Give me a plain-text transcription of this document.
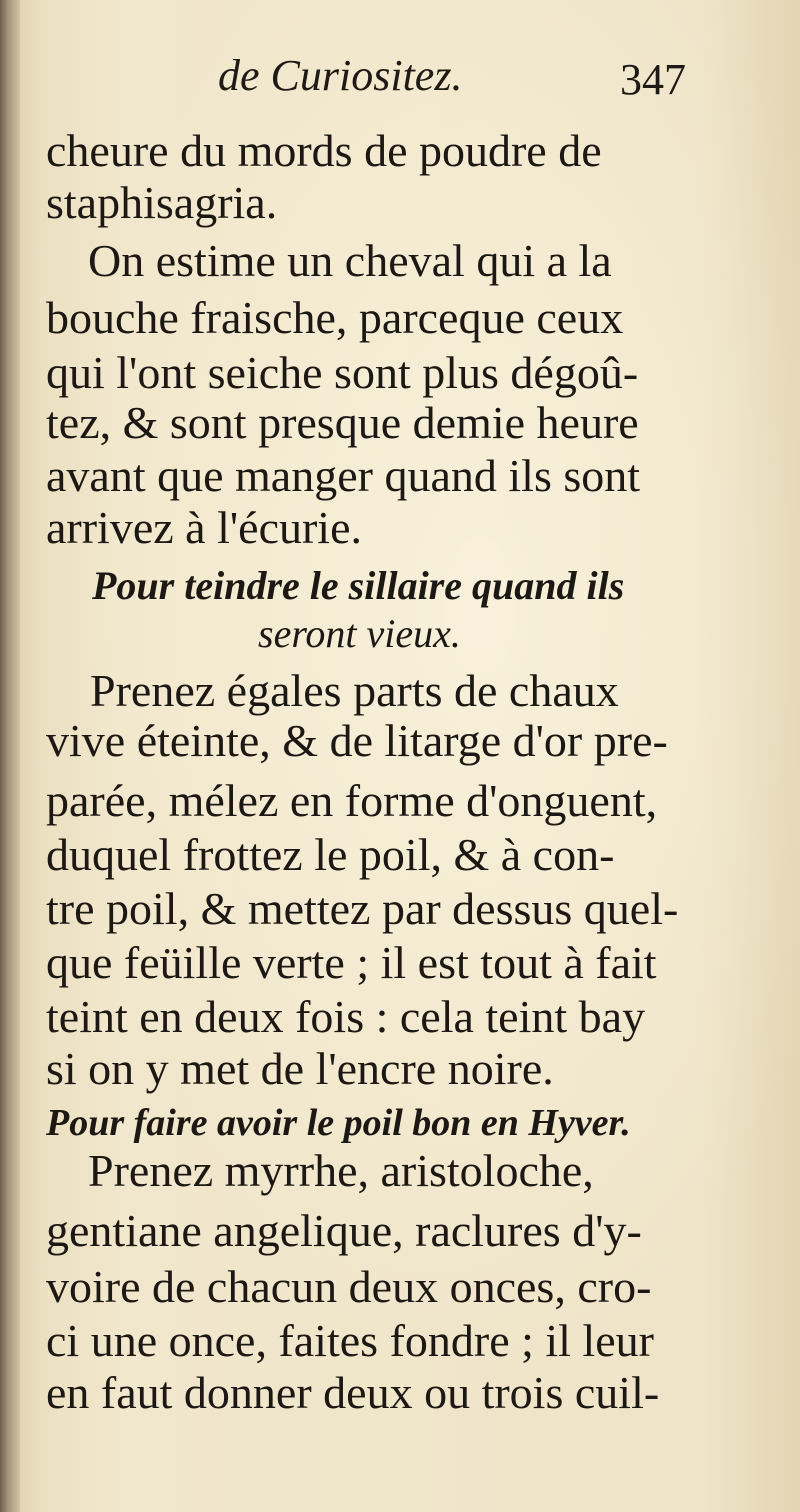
de Curiositez.	347
cheure du mords de poudre de
staphisagria.
On estime un cheval qui a la
bouche fraische, parceque ceux
qui l'ont seiche sont plus dégoû-
tez, & sont presque demie heure
avant que manger quand ils sont
arrivez à l'écurie.
Pour teindre le sillaire quand ils
seront vieux.
Prenez égales parts de chaux
vive éteinte, & de litarge d'or pre-
parée, mélez en forme d'onguent,
duquel frottez le poil, & à con-
tre poil, & mettez par dessus quel-
que feüille verte ; il est tout à fait
teint en deux fois : cela teint bay
si on y met de l'encre noire.
Pour faire avoir le poil bon en Hyver.
Prenez myrrhe, aristoloche,
gentiane angelique, raclures d'y-
voire de chacun deux onces, cro-
ci une once, faites fondre ; il leur
en faut donner deux ou trois cuil-
